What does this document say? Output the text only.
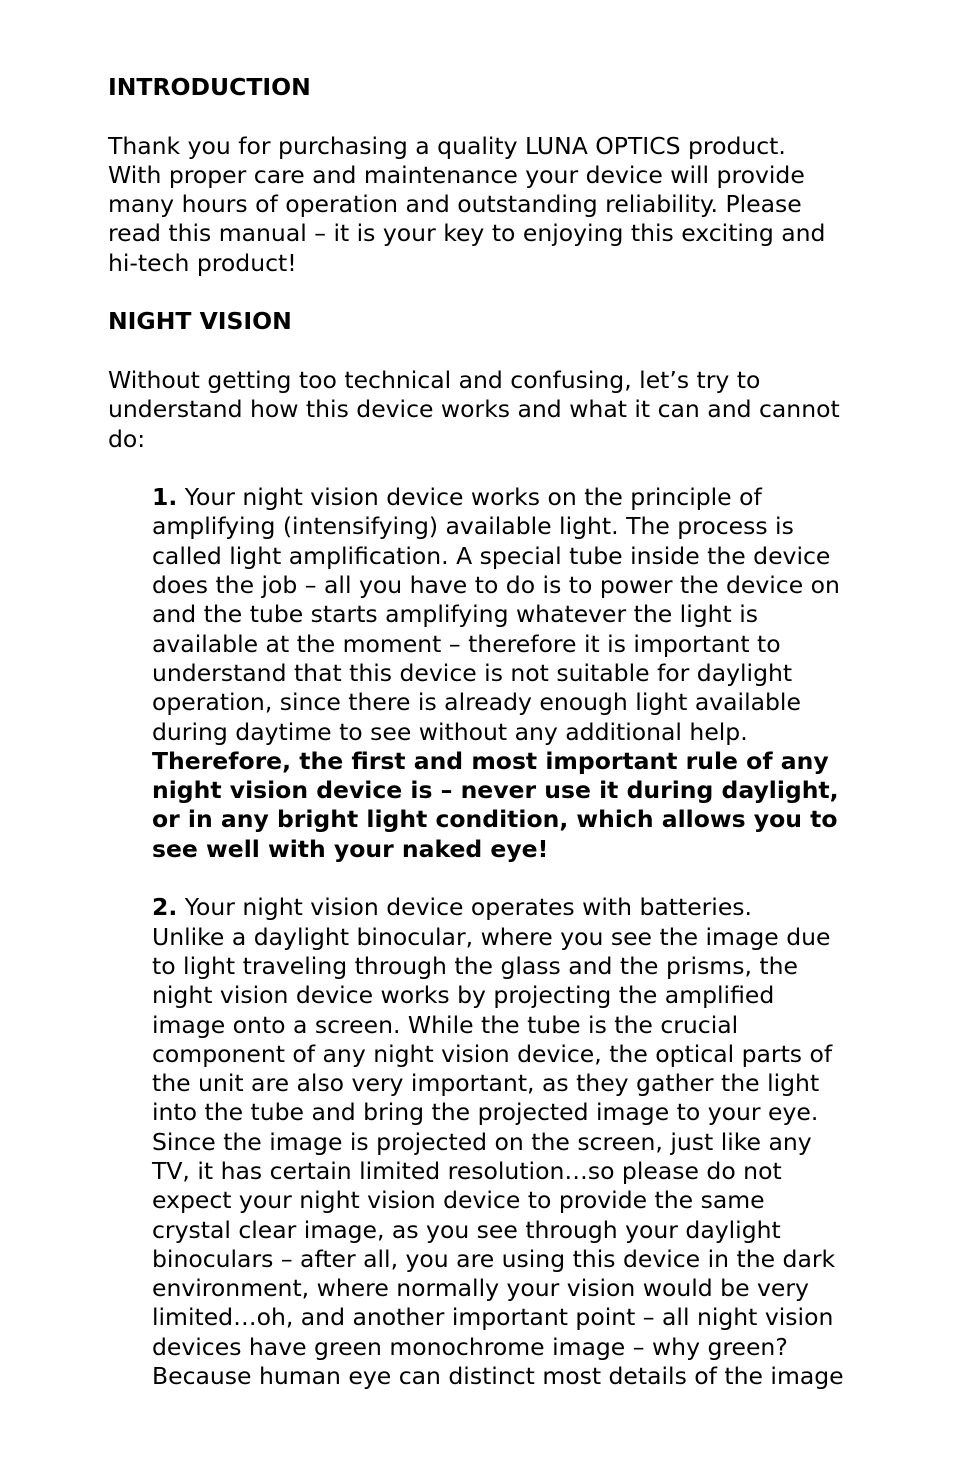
INTRODUCTION

Thank you for purchasing a quality LUNA OPTICS product.
With proper care and maintenance your device will provide
many hours of operation and outstanding reliability. Please
read this manual – it is your key to enjoying this exciting and
hi-tech product!

NIGHT VISION

Without getting too technical and confusing, let’s try to
understand how this device works and what it can and cannot
do:

1. Your night vision device works on the principle of
amplifying (intensifying) available light. The process is
called light amplification. A special tube inside the device
does the job – all you have to do is to power the device on
and the tube starts amplifying whatever the light is
available at the moment – therefore it is important to
understand that this device is not suitable for daylight
operation, since there is already enough light available
during daytime to see without any additional help.
Therefore, the first and most important rule of any
night vision device is – never use it during daylight,
or in any bright light condition, which allows you to
see well with your naked eye!
2. Your night vision device operates with batteries.
Unlike a daylight binocular, where you see the image due
to light traveling through the glass and the prisms, the
night vision device works by projecting the amplified
image onto a screen. While the tube is the crucial
component of any night vision device, the optical parts of
the unit are also very important, as they gather the light
into the tube and bring the projected image to your eye.
Since the image is projected on the screen, just like any
TV, it has certain limited resolution…so please do not
expect your night vision device to provide the same
crystal clear image, as you see through your daylight
binoculars – after all, you are using this device in the dark
environment, where normally your vision would be very
limited…oh, and another important point – all night vision
devices have green monochrome image – why green?
Because human eye can distinct most details of the image
